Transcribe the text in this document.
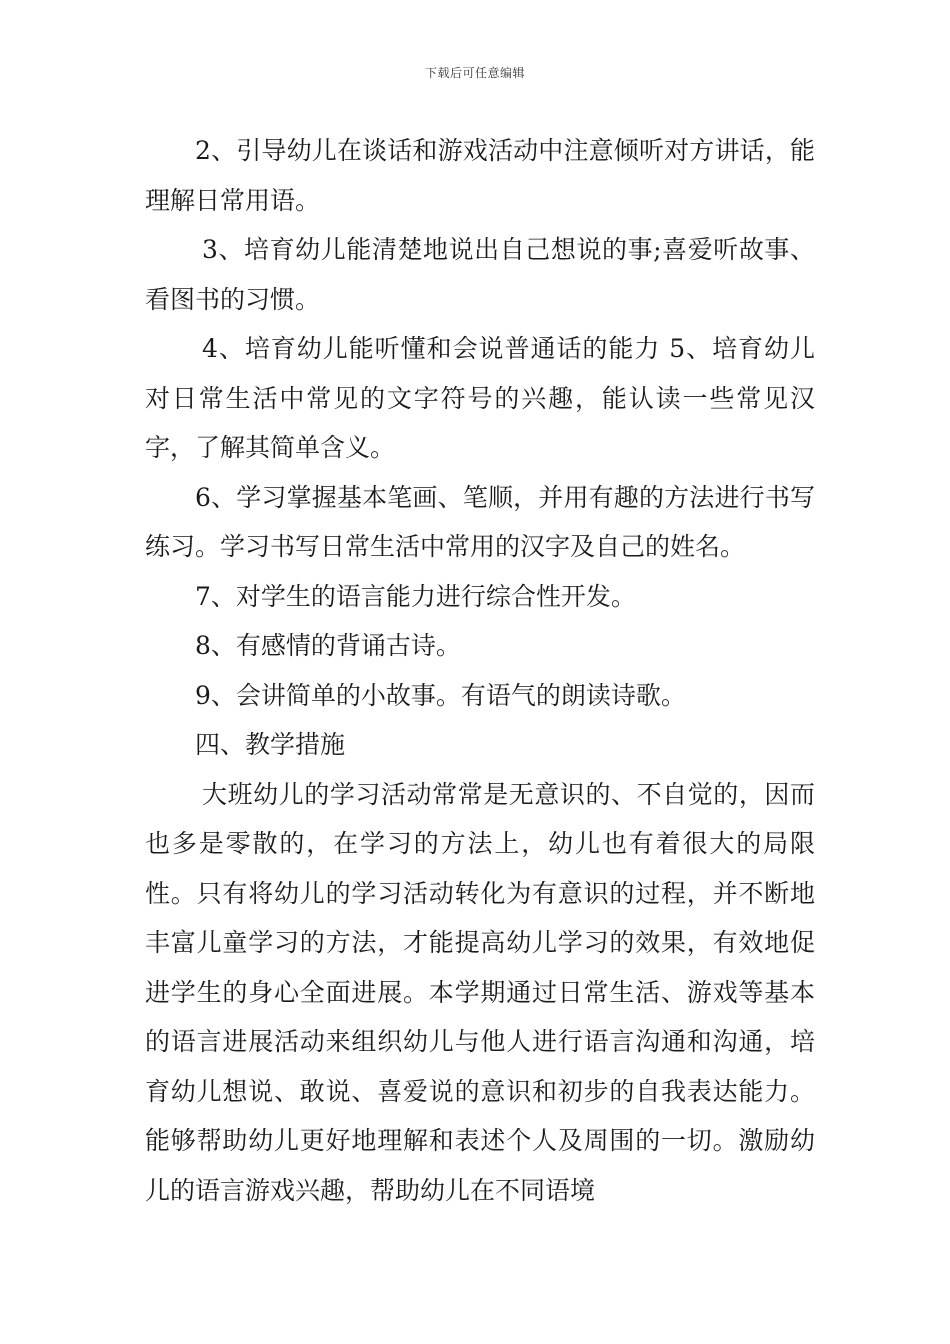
下载后可任意编辑

2、引导幼儿在谈话和游戏活动中注意倾听对方讲话，能理解日常用语。

3、培育幼儿能清楚地说出自己想说的事;喜爱听故事、看图书的习惯。

4、培育幼儿能听懂和会说普通话的能力 5、培育幼儿对日常生活中常见的文字符号的兴趣，能认读一些常见汉字，了解其简单含义。

6、学习掌握基本笔画、笔顺，并用有趣的方法进行书写练习。学习书写日常生活中常用的汉字及自己的姓名。

7、对学生的语言能力进行综合性开发。

8、有感情的背诵古诗。

9、会讲简单的小故事。有语气的朗读诗歌。

四、教学措施

大班幼儿的学习活动常常是无意识的、不自觉的，因而也多是零散的，在学习的方法上，幼儿也有着很大的局限性。只有将幼儿的学习活动转化为有意识的过程，并不断地丰富儿童学习的方法，才能提高幼儿学习的效果，有效地促进学生的身心全面进展。本学期通过日常生活、游戏等基本的语言进展活动来组织幼儿与他人进行语言沟通和沟通，培育幼儿想说、敢说、喜爱说的意识和初步的自我表达能力。能够帮助幼儿更好地理解和表述个人及周围的一切。激励幼儿的语言游戏兴趣，帮助幼儿在不同语境
